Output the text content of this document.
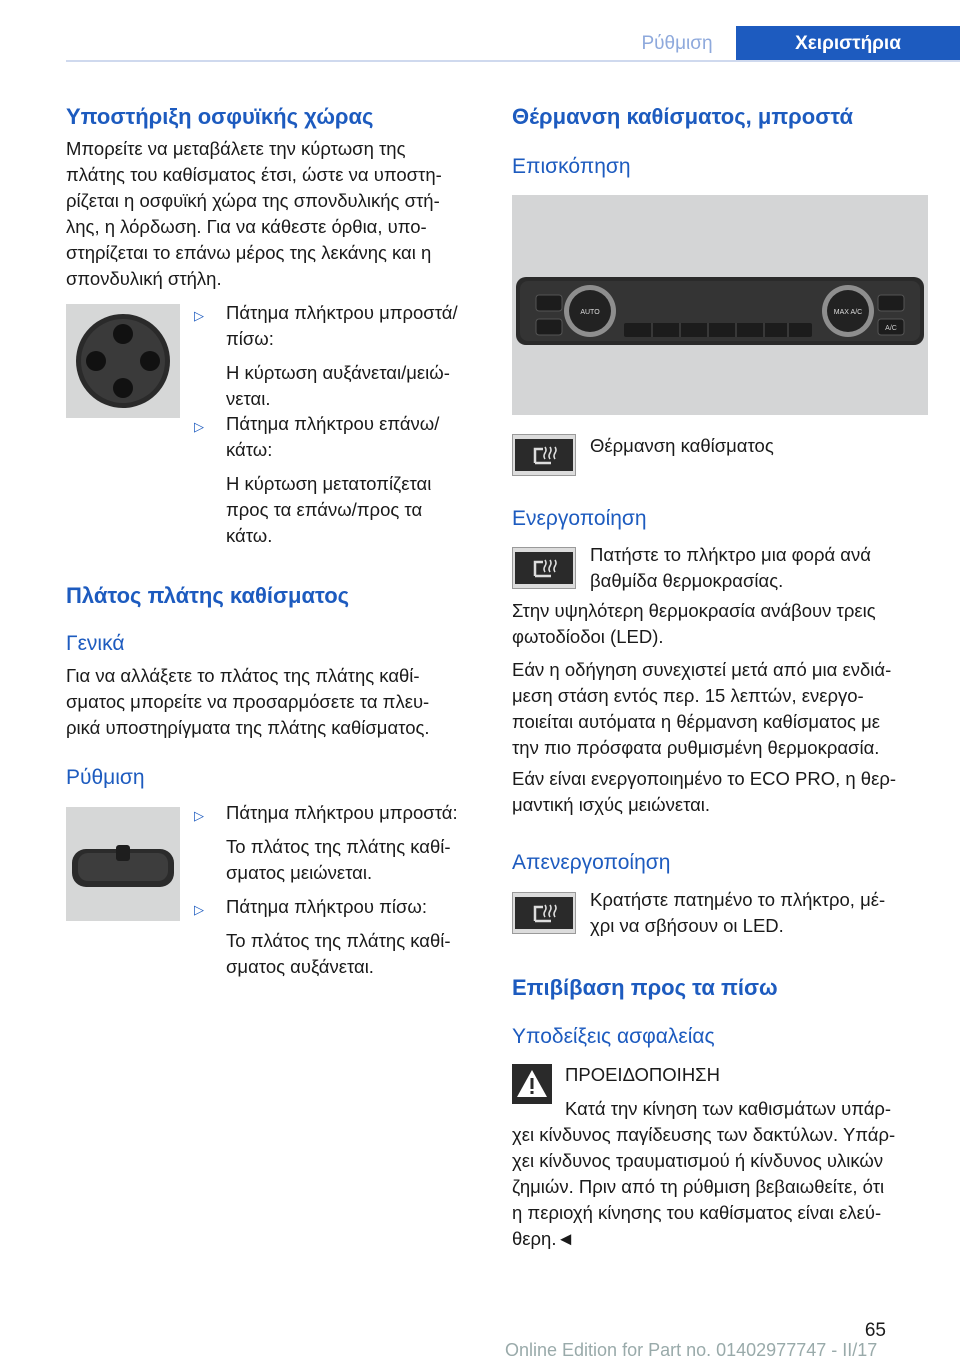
Ρύθμιση	Χειριστήρια
Υποστήριξη οσφυϊκής χώρας
Μπορείτε να μεταβάλετε την κύρτωση της
πλάτης του καθίσματος έτσι, ώστε να υποστη‐
ρίζεται η οσφυϊκή χώρα της σπονδυλικής στή‐
λης, η λόρδωση. Για να κάθεστε όρθια, υπο‐
στηρίζεται το επάνω μέρος της λεκάνης και η
σπονδυλική στήλη.
▷ Πάτημα πλήκτρου μπροστά/
πίσω:
Η κύρτωση αυξάνεται/μειώ‐
νεται.
▷ Πάτημα πλήκτρου επάνω/
κάτω:
Η κύρτωση μετατοπίζεται
προς τα επάνω/προς τα
κάτω.
Πλάτος πλάτης καθίσματος
Γενικά
Για να αλλάξετε το πλάτος της πλάτης καθί‐
σματος μπορείτε να προσαρμόσετε τα πλευ‐
ρικά υποστηρίγματα της πλάτης καθίσματος.
Ρύθμιση
▷ Πάτημα πλήκτρου μπροστά:
Το πλάτος της πλάτης καθί‐
σματος μειώνεται.
▷ Πάτημα πλήκτρου πίσω:
Το πλάτος της πλάτης καθί‐
σματος αυξάνεται.
Θέρμανση καθίσματος, μπροστά
Επισκόπηση
AUTO	MAX A/C
A/C
Θέρμανση καθίσματος
Ενεργοποίηση
Πατήστε το πλήκτρο μια φορά ανά
βαθμίδα θερμοκρασίας.
Στην υψηλότερη θερμοκρασία ανάβουν τρεις
φωτοδίοδοι (LED).
Εάν η οδήγηση συνεχιστεί μετά από μια ενδιά‐
μεση στάση εντός περ. 15 λεπτών, ενεργο‐
ποιείται αυτόματα η θέρμανση καθίσματος με
την πιο πρόσφατα ρυθμισμένη θερμοκρασία.
Εάν είναι ενεργοποιημένο το ECO PRO, η θερ‐
μαντική ισχύς μειώνεται.
Απενεργοποίηση
Κρατήστε πατημένο το πλήκτρο, μέ‐
χρι να σβήσουν οι LED.
Επιβίβαση προς τα πίσω
Υποδείξεις ασφαλείας
ΠΡΟΕΙΔΟΠΟΙΗΣΗ
Κατά την κίνηση των καθισμάτων υπάρ‐
χει κίνδυνος παγίδευσης των δακτύλων. Υπάρ‐
χει κίνδυνος τραυματισμού ή κίνδυνος υλικών
ζημιών. Πριν από τη ρύθμιση βεβαιωθείτε, ότι
η περιοχή κίνησης του καθίσματος είναι ελεύ‐
θερη.◄
65
Online Edition for Part no. 01402977747 - II/17
